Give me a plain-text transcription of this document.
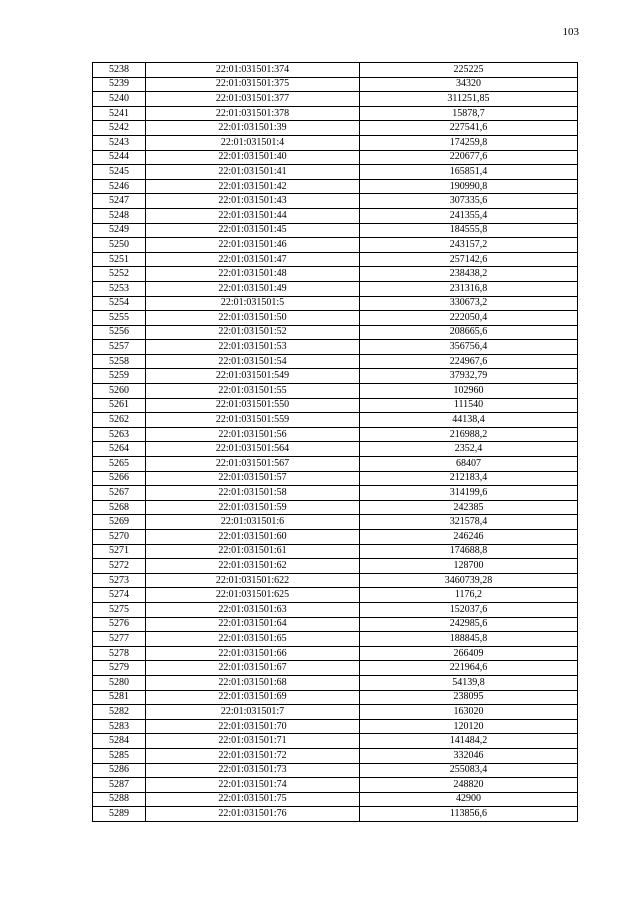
103
5238	22:01:031501:374	225225
5239	22:01:031501:375	34320
5240	22:01:031501:377	311251,85
5241	22:01:031501:378	15878,7
5242	22:01:031501:39	227541,6
5243	22:01:031501:4	174259,8
5244	22:01:031501:40	220677,6
5245	22:01:031501:41	165851,4
5246	22:01:031501:42	190990,8
5247	22:01:031501:43	307335,6
5248	22:01:031501:44	241355,4
5249	22:01:031501:45	184555,8
5250	22:01:031501:46	243157,2
5251	22:01:031501:47	257142,6
5252	22:01:031501:48	238438,2
5253	22:01:031501:49	231316,8
5254	22:01:031501:5	330673,2
5255	22:01:031501:50	222050,4
5256	22:01:031501:52	208665,6
5257	22:01:031501:53	356756,4
5258	22:01:031501:54	224967,6
5259	22:01:031501:549	37932,79
5260	22:01:031501:55	102960
5261	22:01:031501:550	111540
5262	22:01:031501:559	44138,4
5263	22:01:031501:56	216988,2
5264	22:01:031501:564	2352,4
5265	22:01:031501:567	68407
5266	22:01:031501:57	212183,4
5267	22:01:031501:58	314199,6
5268	22:01:031501:59	242385
5269	22:01:031501:6	321578,4
5270	22:01:031501:60	246246
5271	22:01:031501:61	174688,8
5272	22:01:031501:62	128700
5273	22:01:031501:622	3460739,28
5274	22:01:031501:625	1176,2
5275	22:01:031501:63	152037,6
5276	22:01:031501:64	242985,6
5277	22:01:031501:65	188845,8
5278	22:01:031501:66	266409
5279	22:01:031501:67	221964,6
5280	22:01:031501:68	54139,8
5281	22:01:031501:69	238095
5282	22:01:031501:7	163020
5283	22:01:031501:70	120120
5284	22:01:031501:71	141484,2
5285	22:01:031501:72	332046
5286	22:01:031501:73	255083,4
5287	22:01:031501:74	248820
5288	22:01:031501:75	42900
5289	22:01:031501:76	113856,6
